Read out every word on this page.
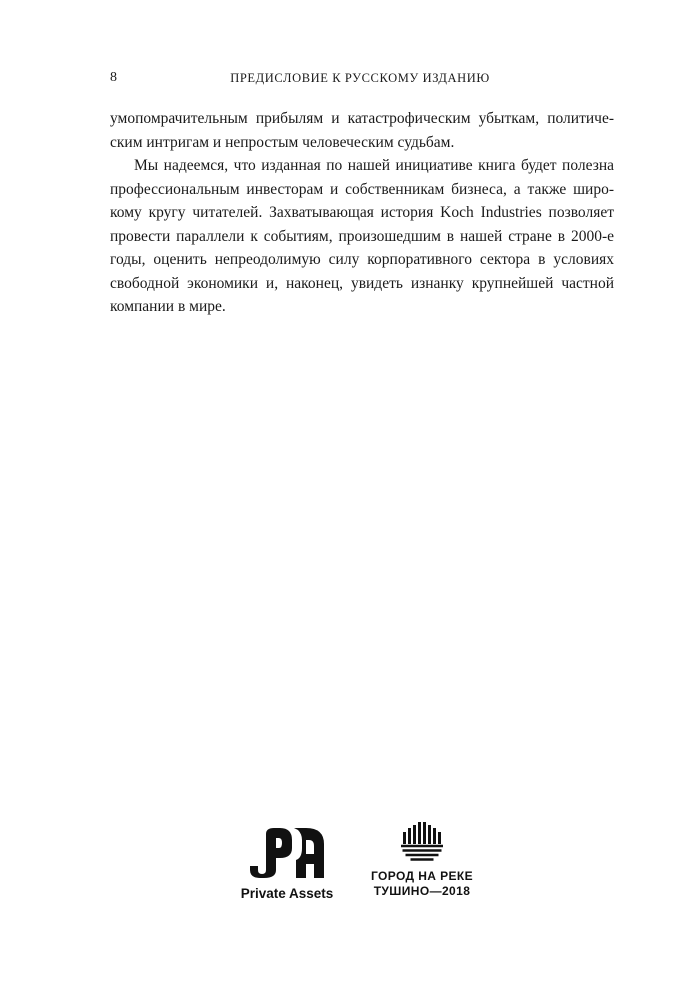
8	ПРЕДИСЛОВИЕ К РУССКОМУ ИЗДАНИЮ
умопомрачительным прибылям и катастрофическим убыткам, политиче-
ским интригам и непростым человеческим судьбам.
Мы надеемся, что изданная по нашей инициативе книга будет полезна
профессиональным инвесторам и собственникам бизнеса, а также широ-
кому кругу читателей. Захватывающая история Koch Industries позволяет
провести параллели к событиям, произошедшим в нашей стране в 2000-е
годы, оценить непреодолимую силу корпоративного сектора в условиях
свободной экономики и, наконец, увидеть изнанку крупнейшей частной
компании в мире.
Private Assets
ГОРОД НА РЕКЕ
ТУШИНО—2018
